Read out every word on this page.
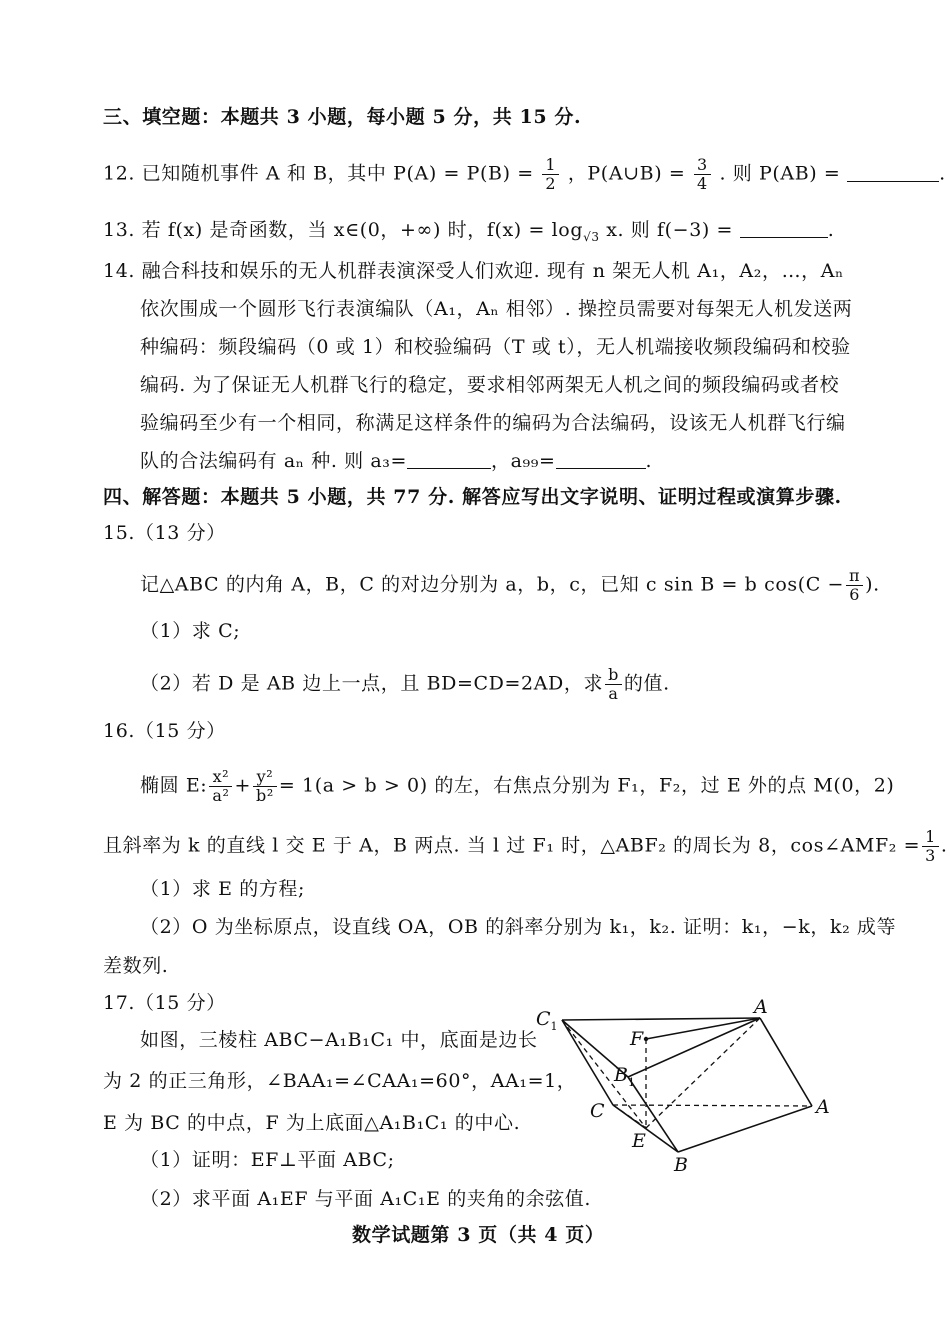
三、填空题：本题共 3 小题，每小题 5 分，共 15 分.
12. 已知随机事件 A 和 B，其中 $P(A) = P(B) = \frac{1}{2}$ ，P(A∪B) = $\frac{3}{4}$ . 则 P(AB) =	.
13. 若 f(x) 是奇函数，当 x∈(0，+∞) 时，$f(x) = \log_{√3} x$. 则 f(−3) =	.
14. 融合科技和娱乐的无人机群表演深受人们欢迎. 现有 n 架无人机 A₁，A₂，…，Aₙ
依次围成一个圆形飞行表演编队（A₁，Aₙ 相邻）. 操控员需要对每架无人机发送两
种编码：频段编码（0 或 1）和校验编码（T 或 t），无人机端接收频段编码和校验
编码. 为了保证无人机群飞行的稳定，要求相邻两架无人机之间的频段编码或者校
验编码至少有一个相同，称满足这样条件的编码为合法编码，设该无人机群飞行编
队的合法编码有 aₙ 种. 则 a₃=	，a₉₉=	.
四、解答题：本题共 5 小题，共 77 分. 解答应写出文字说明、证明过程或演算步骤.
15.（13 分）
记△ABC 的内角 A，B，C 的对边分别为 a，b，c，已知 c sin B = b $\cos(C - \frac{\pi}{6}$ ).
（1）求 C;
（2）若 D 是 AB 边上一点，且 BD=CD=2AD，求 $\frac{b}{a}$ 的值.
16.（15 分）
椭圆 E: $\frac{\text{x²}}{\text{a²}} + \frac{\text{y²}}{\text{b²}} = 1(a > b > 0)$ 的左，右焦点分别为 F₁，F₂，过 E 外的点 M(0，2)
且斜率为 k 的直线 l 交 E 于 A，B 两点. 当 l 过 F₁ 时，△ABF₂ 的周长为 8，cos∠AMF₂ = $\frac{1}{3}$ .
（1）求 E 的方程;
（2）O 为坐标原点，设直线 OA，OB 的斜率分别为 k₁，k₂. 证明：k₁，−k，k₂ 成等
差数列.
17.（15 分）
如图，三棱柱 ABC−A₁B₁C₁ 中，底面是边长
为 2 的正三角形，∠BAA₁=∠CAA₁=60°，AA₁=1，
E 为 BC 的中点，F 为上底面△A₁B₁C₁ 的中心.
（1）证明：EF⊥平面 ABC;
（2）求平面 A₁EF 与平面 A₁C₁E 的夹角的余弦值.
$C_1$
A
F
$B_1$
C	A
E
B
数学试题第 3 页（共 4 页）
